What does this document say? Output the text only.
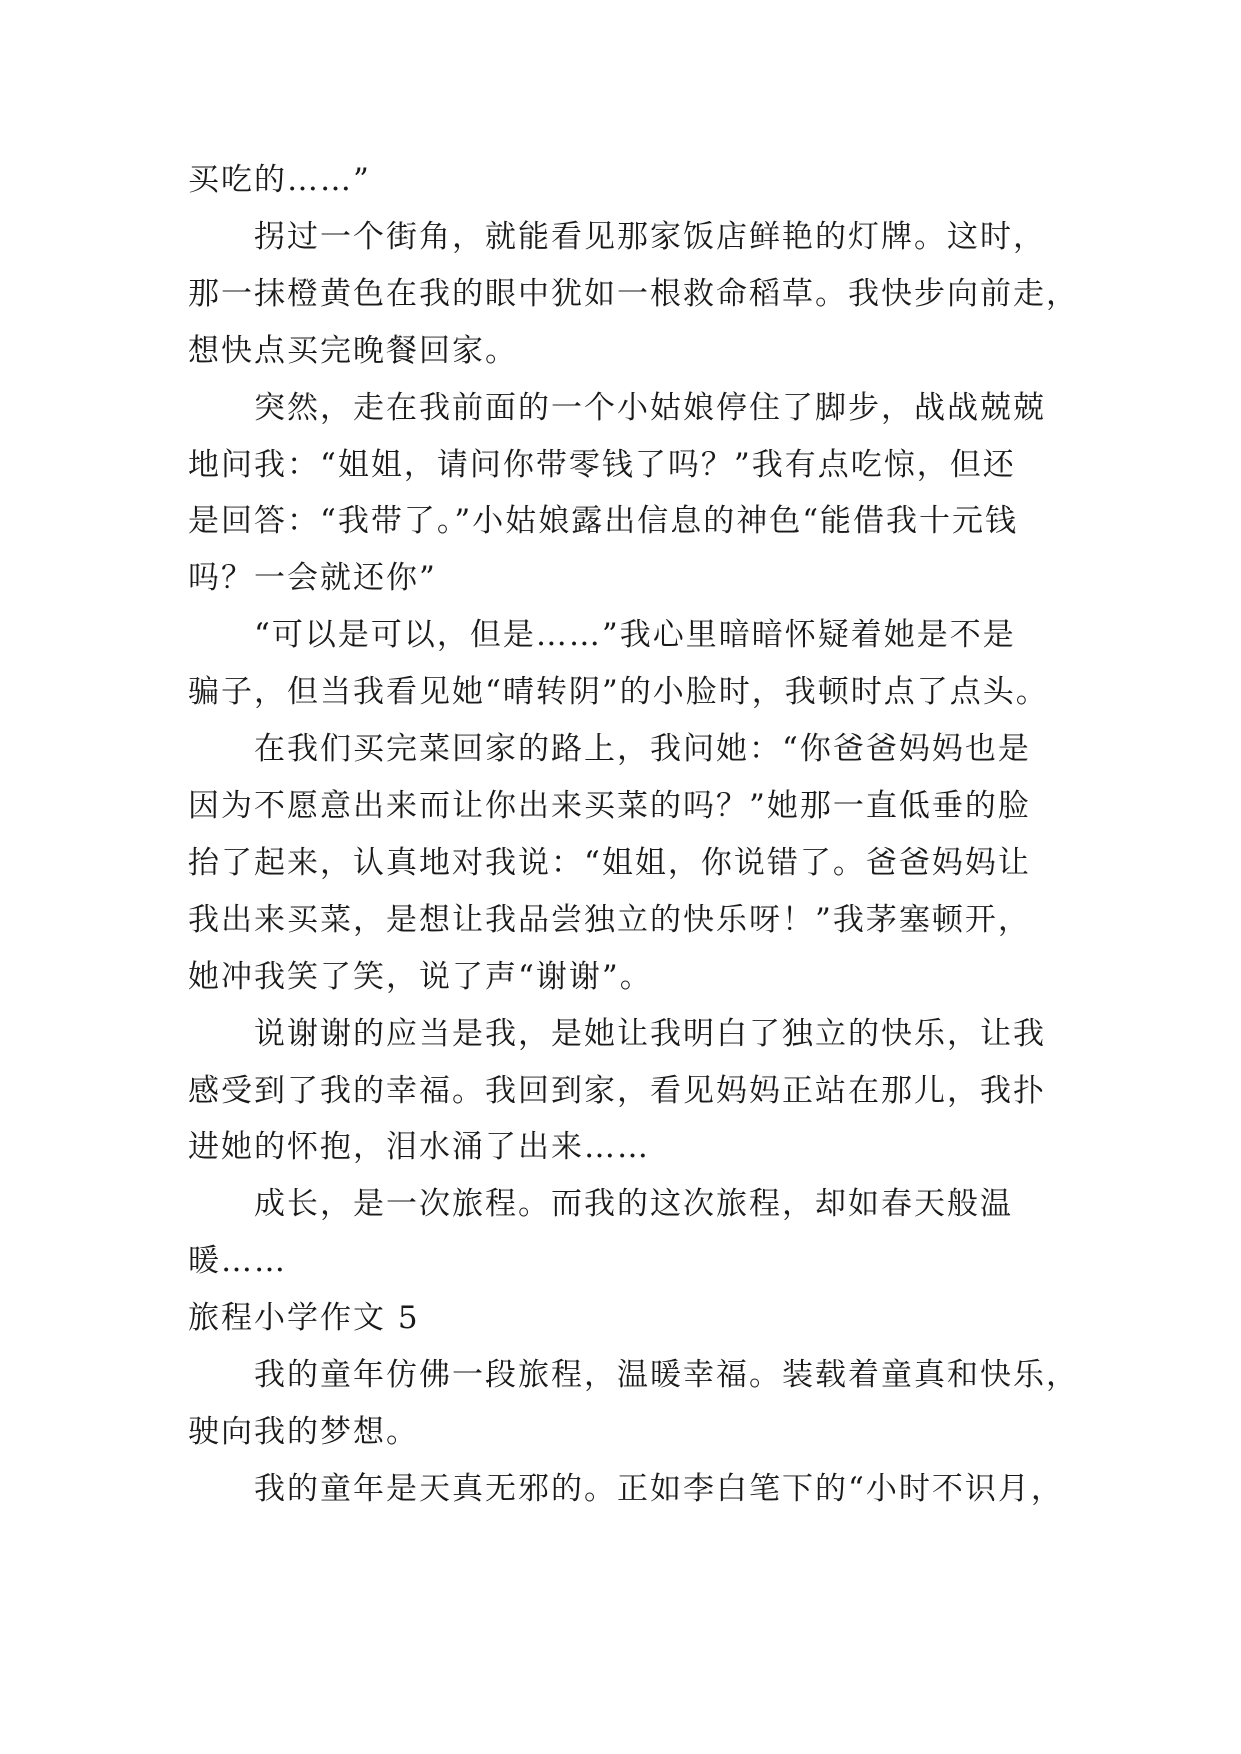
买吃的……”

拐过一个街角，就能看见那家饭店鲜艳的灯牌。这时，
那一抹橙黄色在我的眼中犹如一根救命稻草。我快步向前走，
想快点买完晚餐回家。

突然，走在我前面的一个小姑娘停住了脚步，战战兢兢
地问我：“姐姐，请问你带零钱了吗？”我有点吃惊，但还
是回答：“我带了。”小姑娘露出信息的神色“能借我十元钱
吗？一会就还你”

“可以是可以，但是……”我心里暗暗怀疑着她是不是
骗子，但当我看见她“晴转阴”的小脸时，我顿时点了点头。

在我们买完菜回家的路上，我问她：“你爸爸妈妈也是
因为不愿意出来而让你出来买菜的吗？”她那一直低垂的脸
抬了起来，认真地对我说：“姐姐，你说错了。爸爸妈妈让
我出来买菜，是想让我品尝独立的快乐呀！”我茅塞顿开，
她冲我笑了笑，说了声“谢谢”。

说谢谢的应当是我，是她让我明白了独立的快乐，让我
感受到了我的幸福。我回到家，看见妈妈正站在那儿，我扑
进她的怀抱，泪水涌了出来……

成长，是一次旅程。而我的这次旅程，却如春天般温
暖……

旅程小学作文 5

我的童年仿佛一段旅程，温暖幸福。装载着童真和快乐，
驶向我的梦想。

我的童年是天真无邪的。正如李白笔下的“小时不识月，
